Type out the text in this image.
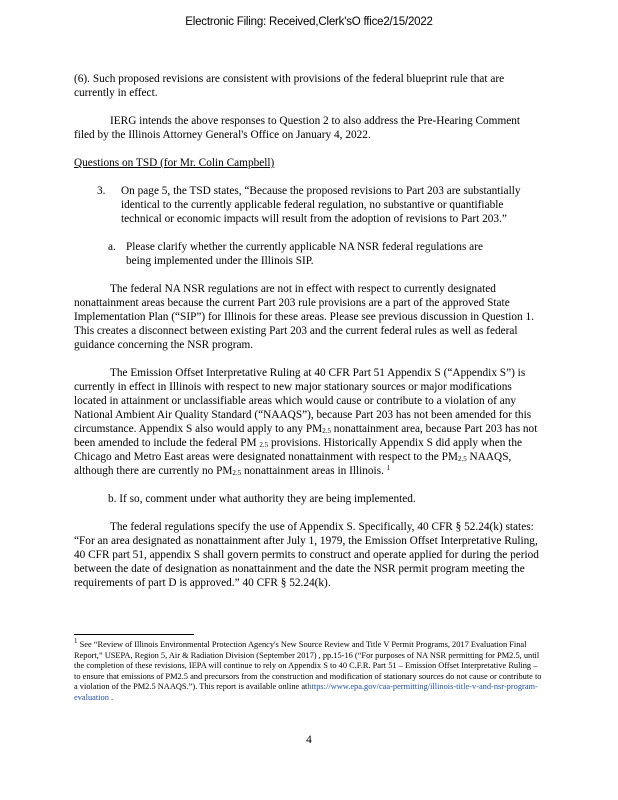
Electronic Filing: Received,Clerk'sO ffice2/15/2022

(6). Such proposed revisions are consistent with provisions of the federal blueprint rule that are currently in effect.

IERG intends the above responses to Question 2 to also address the Pre-Hearing Comment filed by the Illinois Attorney General's Office on January 4, 2022.

Questions on TSD (for Mr. Colin Campbell)

3. On page 5, the TSD states, “Because the proposed revisions to Part 203 are substantially identical to the currently applicable federal regulation, no substantive or quantifiable technical or economic impacts will result from the adoption of revisions to Part 203.”

a. Please clarify whether the currently applicable NA NSR federal regulations are being implemented under the Illinois SIP.

The federal NA NSR regulations are not in effect with respect to currently designated nonattainment areas because the current Part 203 rule provisions are a part of the approved State Implementation Plan (“SIP”) for Illinois for these areas. Please see previous discussion in Question 1. This creates a disconnect between existing Part 203 and the current federal rules as well as federal guidance concerning the NSR program.

The Emission Offset Interpretative Ruling at 40 CFR Part 51 Appendix S (“Appendix S”) is currently in effect in Illinois with respect to new major stationary sources or major modifications located in attainment or unclassifiable areas which would cause or contribute to a violation of any National Ambient Air Quality Standard (“NAAQS”), because Part 203 has not been amended for this circumstance. Appendix S also would apply to any $PM_{2.5}$ nonattainment area, because Part 203 has not been amended to include the federal PM $_{2.5}$ provisions. Historically Appendix S did apply when the Chicago and Metro East areas were designated nonattainment with respect to the $PM_{2.5}$ NAAQS, although there are currently no $PM_{2.5}$ nonattainment areas in Illinois. $^1$

b. If so, comment under what authority they are being implemented.

The federal regulations specify the use of Appendix S. Specifically, 40 CFR § 52.24(k) states: “For an area designated as nonattainment after July 1, 1979, the Emission Offset Interpretative Ruling, 40 CFR part 51, appendix S shall govern permits to construct and operate applied for during the period between the date of designation as nonattainment and the date the NSR permit program meeting the requirements of part D is approved.” 40 CFR § 52.24(k).

$^1$ See “Review of Illinois Environmental Protection Agency's New Source Review and Title V Permit Programs, 2017 Evaluation Final Report,” USEPA, Region 5, Air & Radiation Division (September 2017) , pp.15-16 (“For purposes of NA NSR permitting for PM2.5, until the completion of these revisions, IEPA will continue to rely on Appendix S to 40 C.F.R. Part 51 – Emission Offset Interpretative Ruling – to ensure that emissions of PM2.5 and precursors from the construction and modification of stationary sources do not cause or contribute to a violation of the PM2.5 NAAQS.”). This report is available online athttps://www.epa.gov/caa-permitting/illinois-title-v-and-nsr-program-evaluation .
4
